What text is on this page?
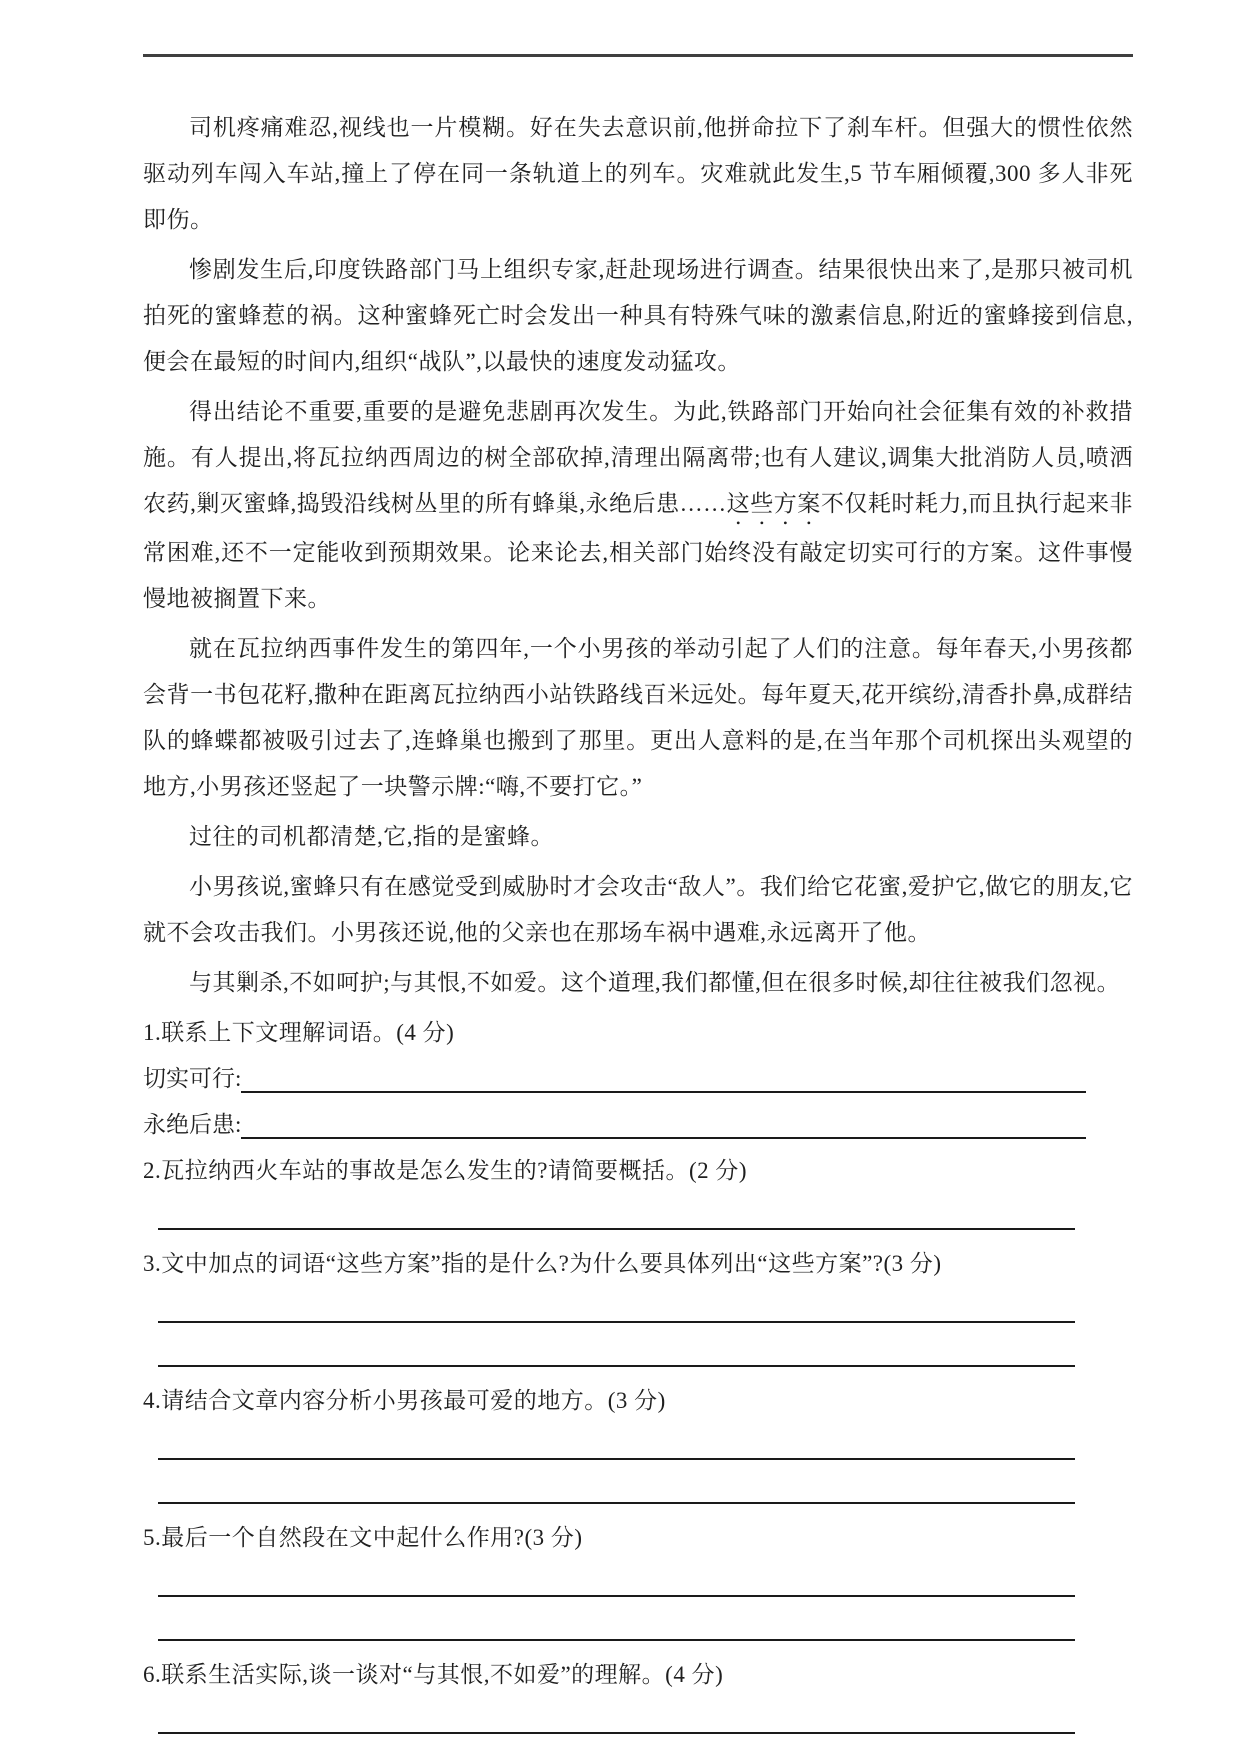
司机疼痛难忍,视线也一片模糊。好在失去意识前,他拼命拉下了刹车杆。但强大的惯性依然驱动列车闯入车站,撞上了停在同一条轨道上的列车。灾难就此发生,5 节车厢倾覆,300 多人非死即伤。

惨剧发生后,印度铁路部门马上组织专家,赶赴现场进行调查。结果很快出来了,是那只被司机拍死的蜜蜂惹的祸。这种蜜蜂死亡时会发出一种具有特殊气味的激素信息,附近的蜜蜂接到信息,便会在最短的时间内,组织“战队”,以最快的速度发动猛攻。

得出结论不重要,重要的是避免悲剧再次发生。为此,铁路部门开始向社会征集有效的补救措施。有人提出,将瓦拉纳西周边的树全部砍掉,清理出隔离带;也有人建议,调集大批消防人员,喷洒农药,剿灭蜜蜂,捣毁沿线树丛里的所有蜂巢,永绝后患……这些方案不仅耗时耗力,而且执行起来非常困难,还不一定能收到预期效果。论来论去,相关部门始终没有敲定切实可行的方案。这件事慢慢地被搁置下来。

就在瓦拉纳西事件发生的第四年,一个小男孩的举动引起了人们的注意。每年春天,小男孩都会背一书包花籽,撒种在距离瓦拉纳西小站铁路线百米远处。每年夏天,花开缤纷,清香扑鼻,成群结队的蜂蝶都被吸引过去了,连蜂巢也搬到了那里。更出人意料的是,在当年那个司机探出头观望的地方,小男孩还竖起了一块警示牌:“嗨,不要打它。”

过往的司机都清楚,它,指的是蜜蜂。

小男孩说,蜜蜂只有在感觉受到威胁时才会攻击“敌人”。我们给它花蜜,爱护它,做它的朋友,它就不会攻击我们。小男孩还说,他的父亲也在那场车祸中遇难,永远离开了他。

与其剿杀,不如呵护;与其恨,不如爱。这个道理,我们都懂,但在很多时候,却往往被我们忽视。

1.联系上下文理解词语。(4 分)
切实可行:
永绝后患:
2.瓦拉纳西火车站的事故是怎么发生的?请简要概括。(2 分)
3.文中加点的词语“这些方案”指的是什么?为什么要具体列出“这些方案”?(3 分)
4.请结合文章内容分析小男孩最可爱的地方。(3 分)
5.最后一个自然段在文中起什么作用?(3 分)
6.联系生活实际,谈一谈对“与其恨,不如爱”的理解。(4 分)
